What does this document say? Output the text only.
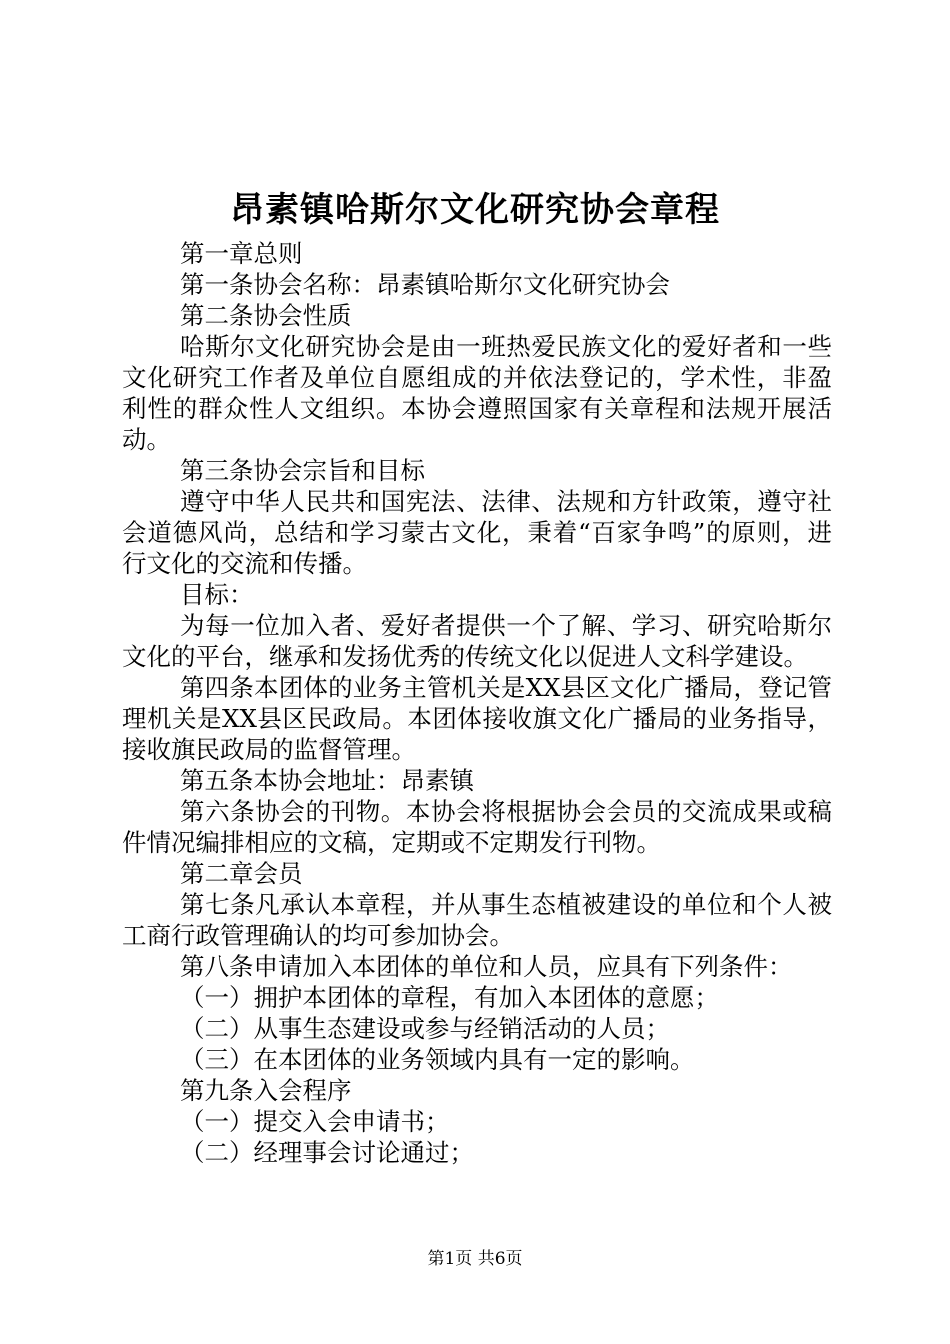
昂素镇哈斯尔文化研究协会章程

第一章总则

第一条协会名称：昂素镇哈斯尔文化研究协会

第二条协会性质

哈斯尔文化研究协会是由一班热爱民族文化的爱好者和一些文化研究工作者及单位自愿组成的并依法登记的，学术性，非盈利性的群众性人文组织。本协会遵照国家有关章程和法规开展活动。

第三条协会宗旨和目标

遵守中华人民共和国宪法、法律、法规和方针政策，遵守社会道德风尚，总结和学习蒙古文化，秉着“百家争鸣”的原则，进行文化的交流和传播。

目标：

为每一位加入者、爱好者提供一个了解、学习、研究哈斯尔文化的平台，继承和发扬优秀的传统文化以促进人文科学建设。

第四条本团体的业务主管机关是XX县区文化广播局，登记管理机关是XX县区民政局。本团体接收旗文化广播局的业务指导，接收旗民政局的监督管理。

第五条本协会地址：昂素镇

第六条协会的刊物。本协会将根据协会会员的交流成果或稿件情况编排相应的文稿，定期或不定期发行刊物。

第二章会员

第七条凡承认本章程，并从事生态植被建设的单位和个人被工商行政管理确认的均可参加协会。

第八条申请加入本团体的单位和人员，应具有下列条件：

（一）拥护本团体的章程，有加入本团体的意愿；

（二）从事生态建设或参与经销活动的人员；

（三）在本团体的业务领域内具有一定的影响。

第九条入会程序

（一）提交入会申请书；

（二）经理事会讨论通过；

第1页 共6页
